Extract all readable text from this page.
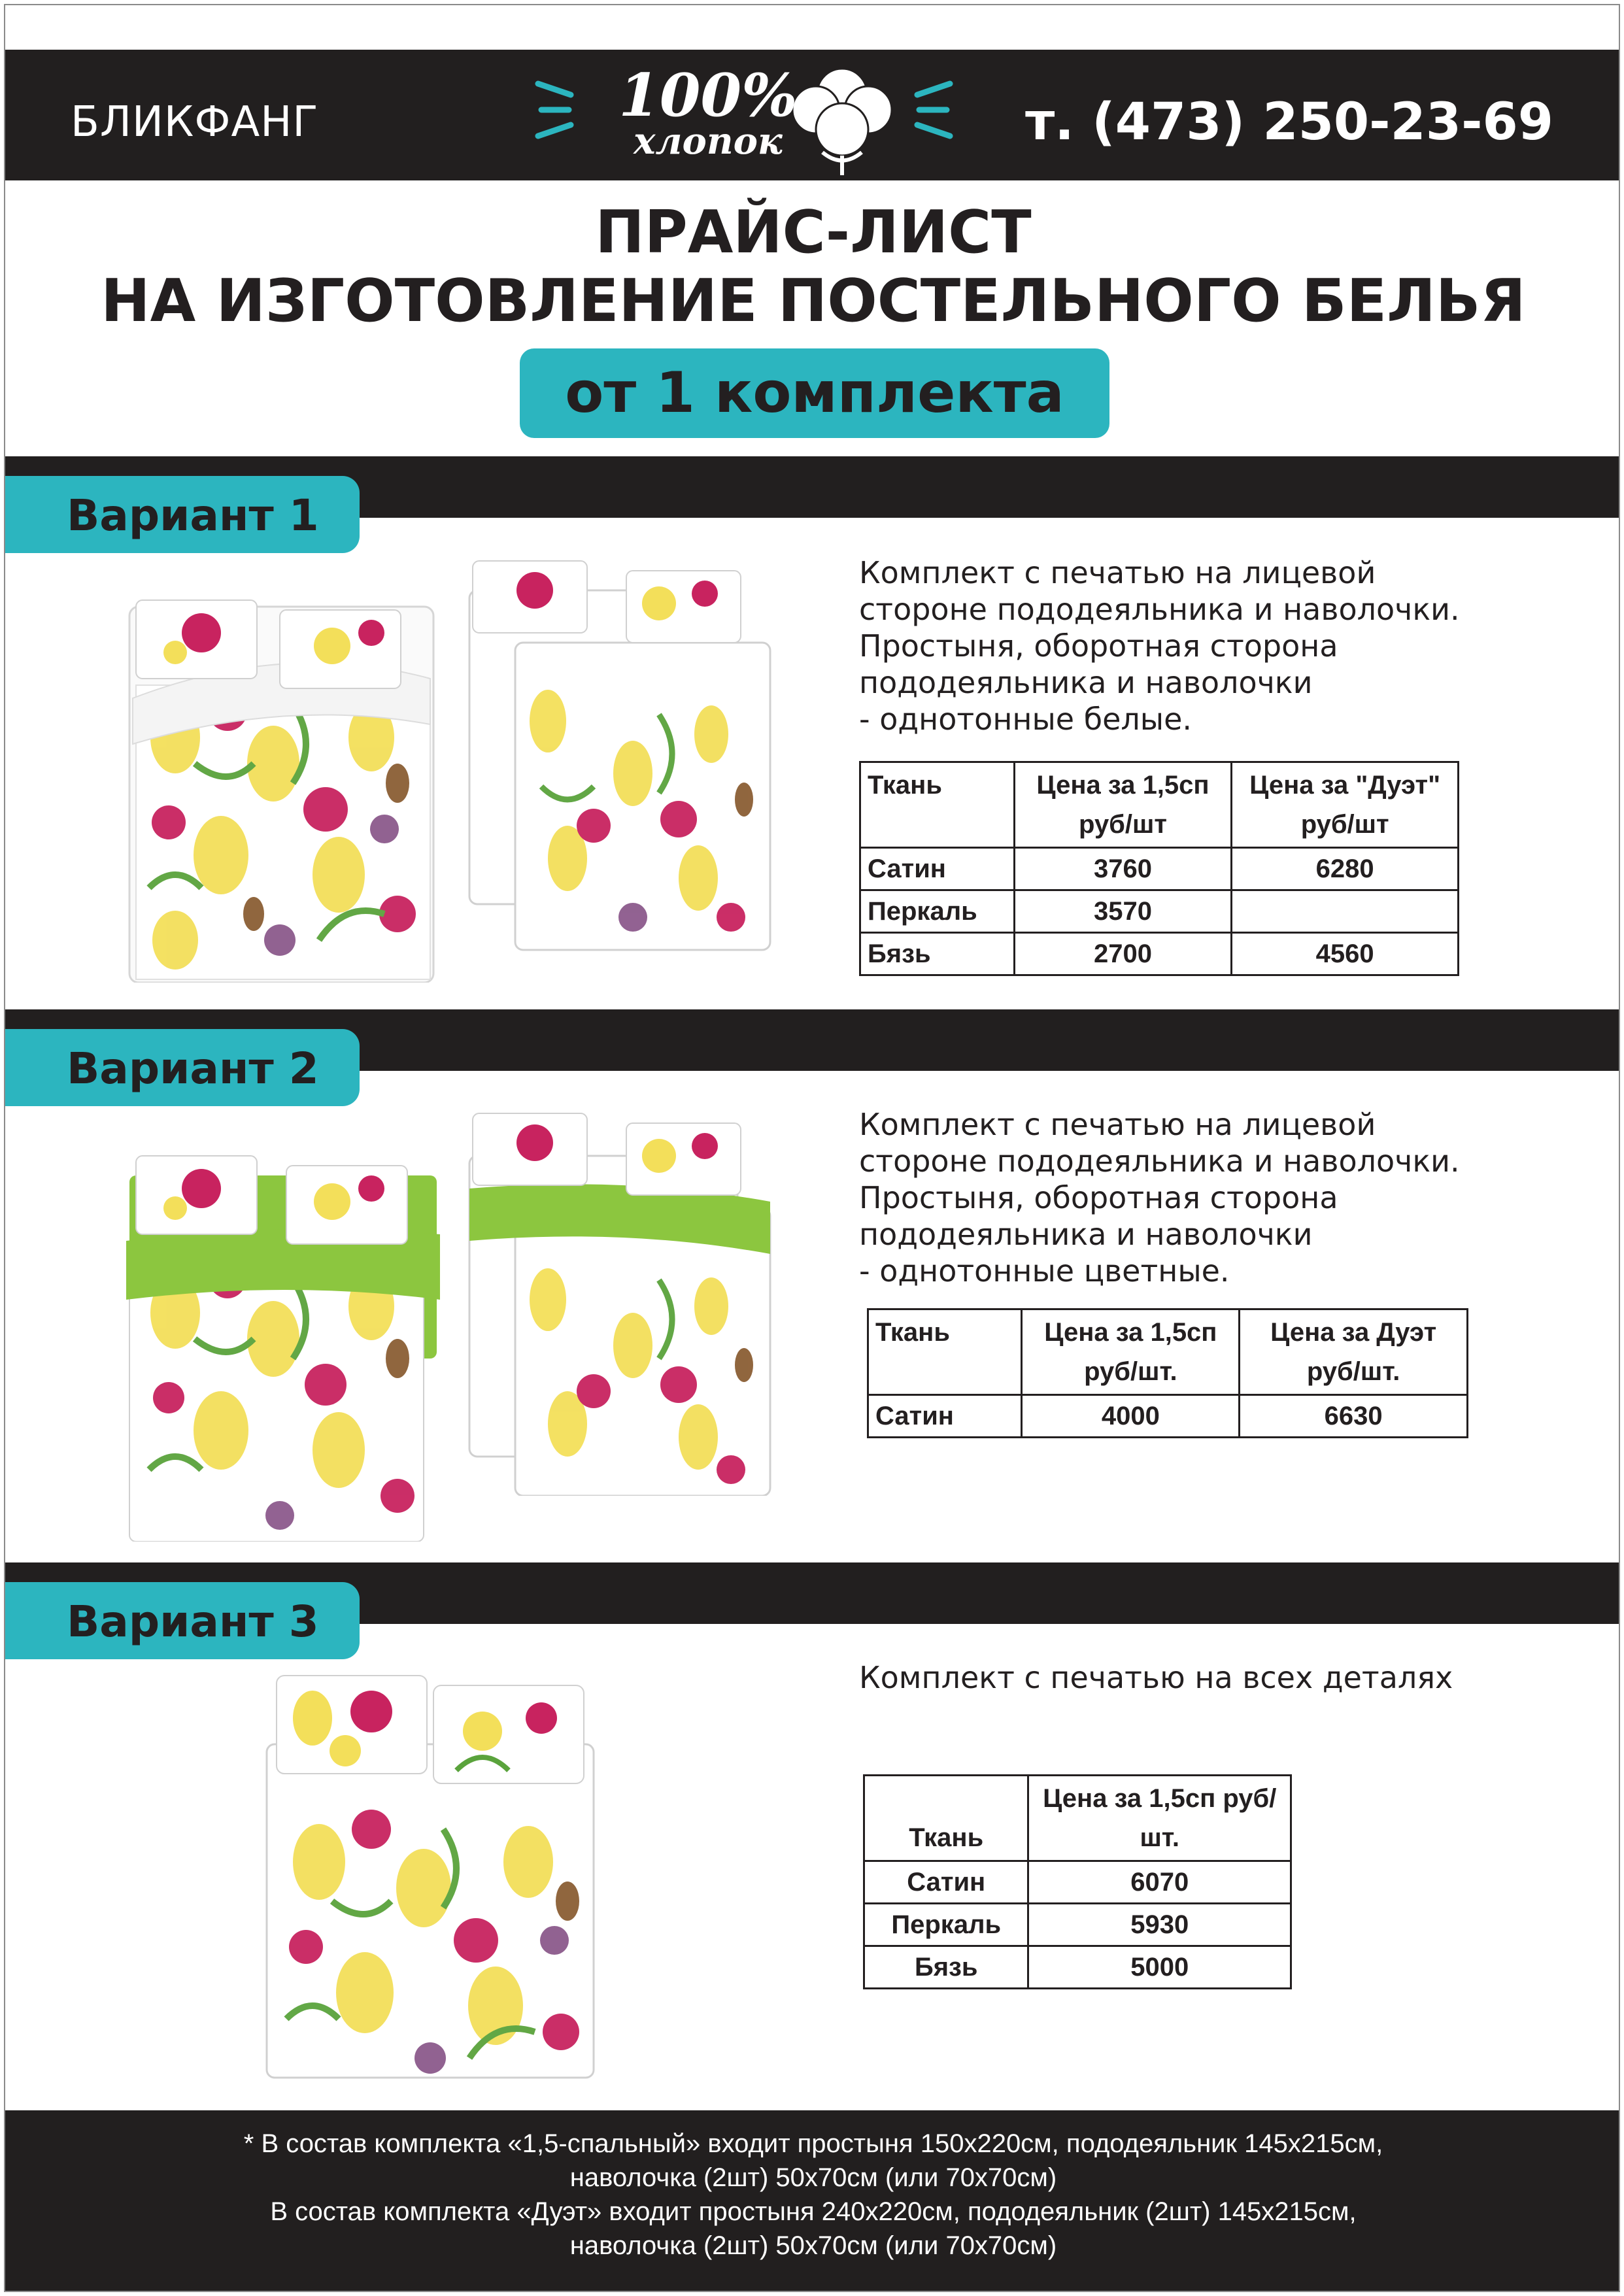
БЛИКФАНГ	100%
хлопок	т. (473) 250-23-69
ПРАЙС-ЛИСТ
НА ИЗГОТОВЛЕНИЕ ПОСТЕЛЬНОГО БЕЛЬЯ
от 1 комплекта
Вариант 1
Комплект с печатью на лицевой
стороне пододеяльника и наволочки.
Простыня, оборотная сторона
пододеяльника и наволочки
- однотонные белые.
Ткань	Цена за 1,5сп руб/шт	Цена за "Дуэт" руб/шт
Сатин	3760	6280
Перкаль	3570	
Бязь	2700	4560
Вариант 2
Комплект с печатью на лицевой
стороне пододеяльника и наволочки.
Простыня, оборотная сторона
пододеяльника и наволочки
- однотонные цветные.
Ткань	Цена за 1,5сп руб/шт.	Цена за Дуэт руб/шт.
Сатин	4000	6630
Вариант 3
Комплект с печатью на всех деталях
Ткань	Цена за 1,5сп руб/шт.
Сатин	6070
Перкаль	5930
Бязь	5000
* В состав комплекта «1,5-спальный» входит простыня 150х220см, пододеяльник 145х215см,
наволочка (2шт) 50х70см (или 70х70см)
В состав комплекта «Дуэт» входит простыня 240х220см, пододеяльник (2шт) 145х215см,
наволочка (2шт) 50х70см (или 70х70см)
